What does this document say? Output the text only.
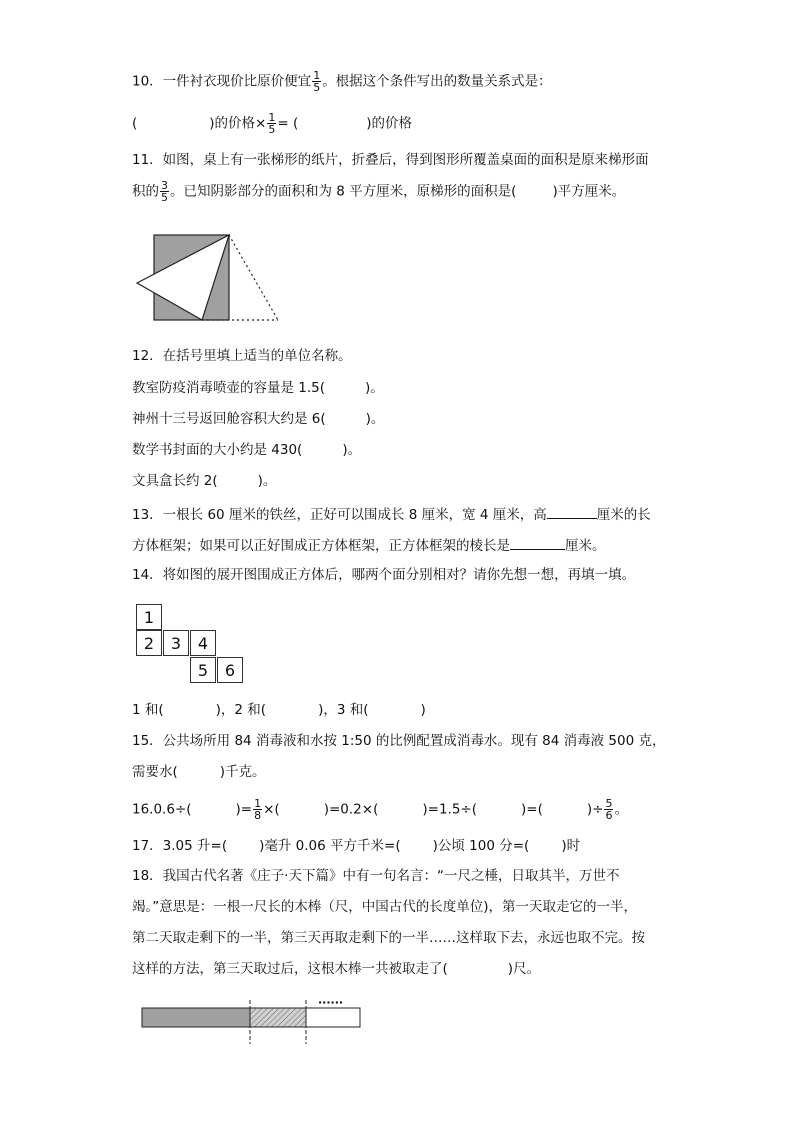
10．一件衬衣现价比原价便宜 $\frac{1}{5}$ 。根据这个条件写出的数量关系式是：
(	)的价格× $\frac{1}{5}$ = (	)的价格
11．如图，桌上有一张梯形的纸片，折叠后，得到图形所覆盖桌面的面积是原来梯形面
积的 $\frac{3}{5}$ 。已知阴影部分的面积和为 8 平方厘米，原梯形的面积是(	)平方厘米。
12．在括号里填上适当的单位名称。
教室防疫消毒喷壶的容量是 1.5(	)。
神州十三号返回舱容积大约是 6(	)。
数学书封面的大小约是 430(	)。
文具盒长约 2(	)。
13．一根长 60 厘米的铁丝，正好可以围成长 8 厘米，宽 4 厘米，高	厘米的长
方体框架；如果可以正好围成正方体框架，正方体框架的棱长是	厘米。
14．将如图的展开图围成正方体后，哪两个面分别相对？请你先想一想，再填一填。
1
2	3	4
5	6
1 和(	)，2 和(	)，3 和(	)
15．公共场所用 84 消毒液和水按 1:50 的比例配置成消毒水。现有 84 消毒液 500 克，
需要水(	)千克。
16.0.6÷(	)= $\frac{1}{8}$ ×(	)=0.2×(	)=1.5÷(	)=(	)÷ $\frac{5}{6}$ 。
17．3.05 升=( )毫升 0.06 平方千米=( )公顷 100 分=( )时
18．我国古代名著《庄子·天下篇》中有一句名言：“一尺之棰，日取其半，万世不
竭。”意思是：一根一尺长的木棒（尺，中国古代的长度单位)，第一天取走它的一半，
第二天取走剩下的一半，第三天再取走剩下的一半……这样取下去，永远也取不完。按
这样的方法，第三天取过后，这根木棒一共被取走了(	)尺。
······
